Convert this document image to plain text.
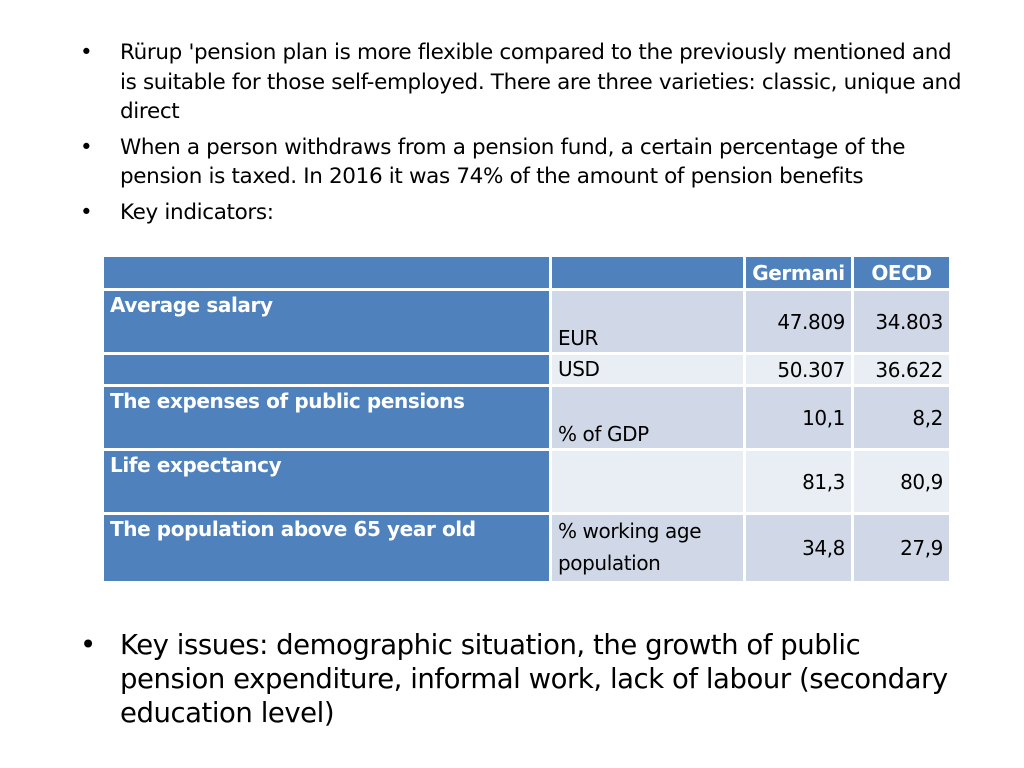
• Rürup 'pension plan is more flexible compared to the previously mentioned and is suitable for those self-employed. There are three varieties: classic, unique and direct
• When a person withdraws from a pension fund, a certain percentage of the pension is taxed. In 2016 it was 74% of the amount of pension benefits
• Key indicators:
		Germani	OECD
Average salary	EUR	47.809	34.803
	USD	50.307	36.622
The expenses of public pensions	% of GDP	10,1	8,2
Life expectancy		81,3	80,9
The population above 65 year old	% working age population	34,8	27,9
• Key issues: demographic situation, the growth of public pension expenditure, informal work, lack of labour (secondary education level)
